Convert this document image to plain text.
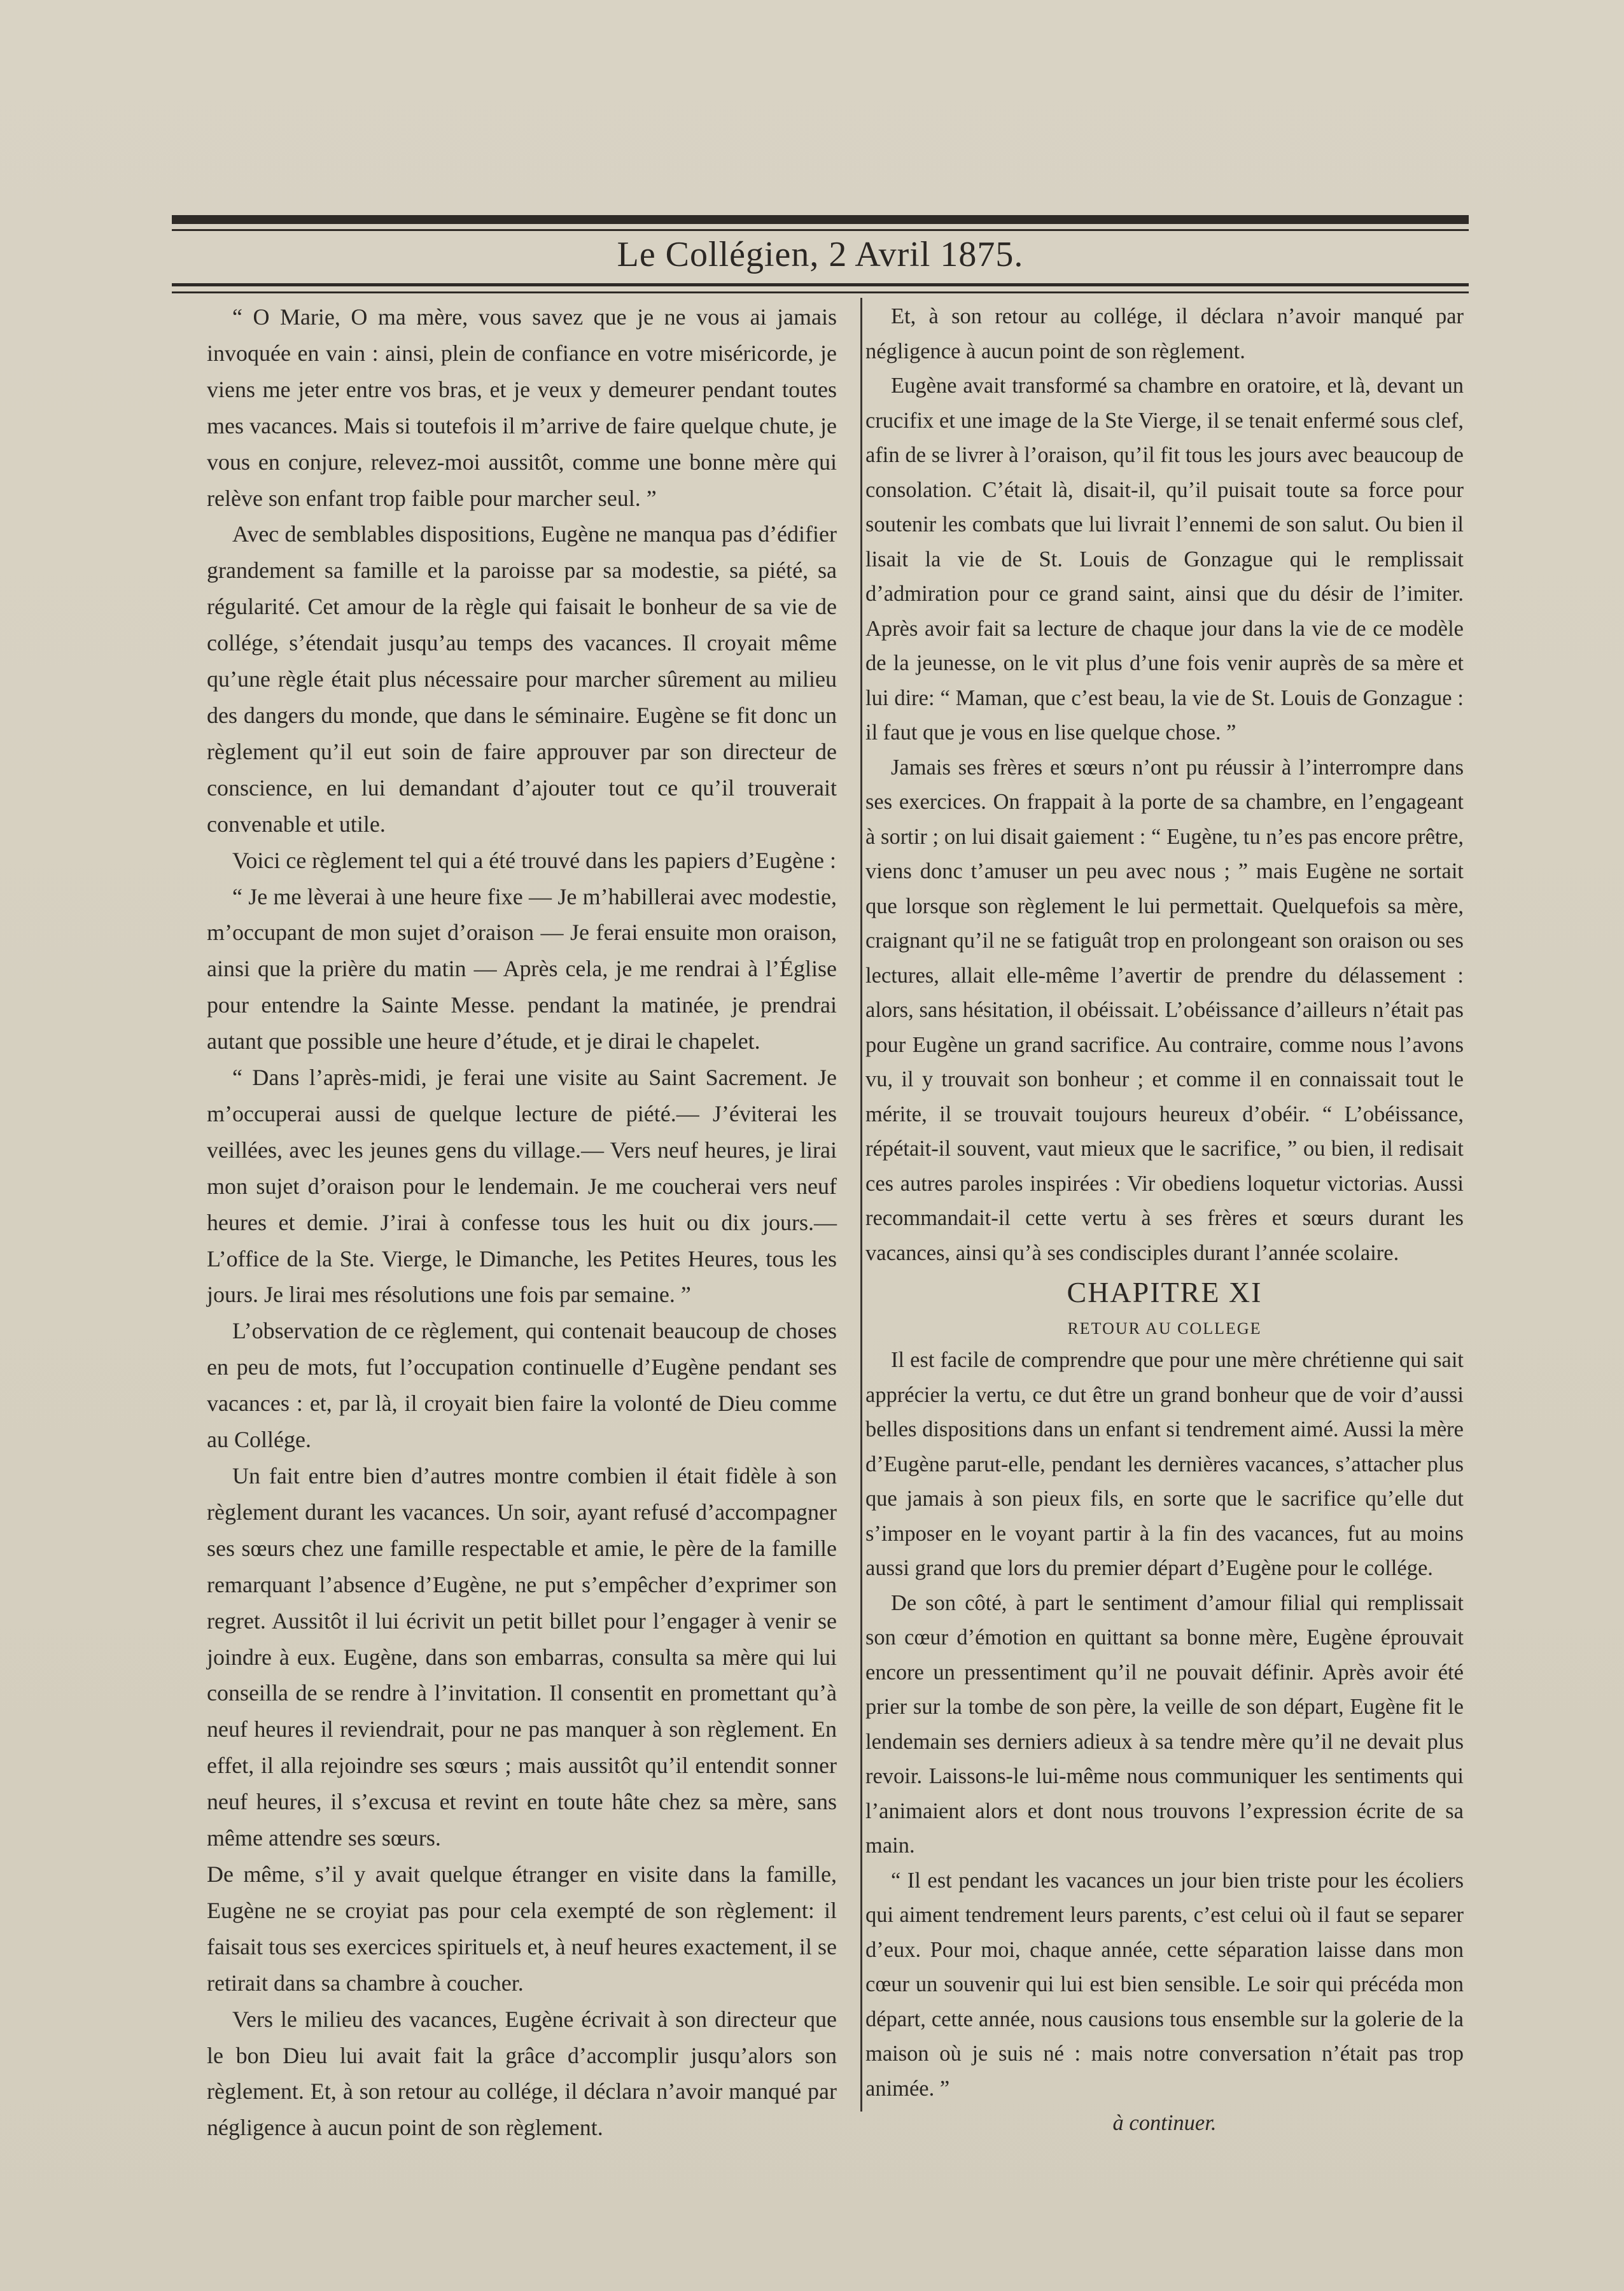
Le Collégien, 2 Avril 1875.

“ O Marie, O ma mère, vous savez que je ne vous ai jamais invoquée en vain : ainsi, plein de confiance en votre miséricorde, je viens me jeter entre vos bras, et je veux y demeurer pendant toutes mes vacances. Mais si toutefois il m’arrive de faire quelque chute, je vous en conjure, relevez-moi aussitôt, comme une bonne mère qui relève son enfant trop faible pour marcher seul. ”

Avec de semblables dispositions, Eugène ne manqua pas d’édifier grandement sa famille et la paroisse par sa modestie, sa piété, sa régularité. Cet amour de la règle qui faisait le bonheur de sa vie de collége, s’étendait jusqu’au temps des vacances. Il croyait même qu’une règle était plus nécessaire pour marcher sûrement au milieu des dangers du monde, que dans le séminaire. Eugène se fit donc un règlement qu’il eut soin de faire approuver par son directeur de conscience, en lui demandant d’ajouter tout ce qu’il trouverait convenable et utile.

Voici ce règlement tel qui a été trouvé dans les papiers d’Eugène :

“ Je me lèverai à une heure fixe — Je m’habillerai avec modestie, m’occupant de mon sujet d’oraison — Je ferai ensuite mon oraison, ainsi que la prière du matin — Après cela, je me rendrai à l’Église pour entendre la Sainte Messe. pendant la matinée, je prendrai autant que possible une heure d’étude, et je dirai le chapelet.

“ Dans l’après-midi, je ferai une visite au Saint Sacrement. Je m’occuperai aussi de quelque lecture de piété.— J’éviterai les veillées, avec les jeunes gens du village.— Vers neuf heures, je lirai mon sujet d’oraison pour le lendemain. Je me coucherai vers neuf heures et demie. J’irai à confesse tous les huit ou dix jours.—L’office de la Ste. Vierge, le Dimanche, les Petites Heures, tous les jours. Je lirai mes résolutions une fois par semaine. ”

L’observation de ce règlement, qui contenait beaucoup de choses en peu de mots, fut l’occupation continuelle d’Eugène pendant ses vacances : et, par là, il croyait bien faire la volonté de Dieu comme au Collége.

Un fait entre bien d’autres montre combien il était fidèle à son règlement durant les vacances. Un soir, ayant refusé d’accompagner ses sœurs chez une famille respectable et amie, le père de la famille remarquant l’absence d’Eugène, ne put s’empêcher d’exprimer son regret. Aussitôt il lui écrivit un petit billet pour l’engager à venir se joindre à eux. Eugène, dans son embarras, consulta sa mère qui lui conseilla de se rendre à l’invitation. Il consentit en promettant qu’à neuf heures il reviendrait, pour ne pas manquer à son règlement. En effet, il alla rejoindre ses sœurs ; mais aussitôt qu’il entendit sonner neuf heures, il s’excusa et revint en toute hâte chez sa mère, sans même attendre ses sœurs.

De même, s’il y avait quelque étranger en visite dans la famille, Eugène ne se croyiat pas pour cela exempté de son règlement: il faisait tous ses exercices spirituels et, à neuf heures exactement, il se retirait dans sa chambre à coucher.

Vers le milieu des vacances, Eugène écrivait à son directeur que le bon Dieu lui avait fait la grâce d’accomplir jusqu’alors son règlement. Et, à son retour au collége, il déclara n’avoir manqué par négligence à aucun point de son règlement.

Et, à son retour au collége, il déclara n’avoir manqué par négligence à aucun point de son règlement.

Eugène avait transformé sa chambre en oratoire, et là, devant un crucifix et une image de la Ste Vierge, il se tenait enfermé sous clef, afin de se livrer à l’oraison, qu’il fit tous les jours avec beaucoup de consolation. C’était là, disait-il, qu’il puisait toute sa force pour soutenir les combats que lui livrait l’ennemi de son salut. Ou bien il lisait la vie de St. Louis de Gonzague qui le remplissait d’admiration pour ce grand saint, ainsi que du désir de l’imiter. Après avoir fait sa lecture de chaque jour dans la vie de ce modèle de la jeunesse, on le vit plus d’une fois venir auprès de sa mère et lui dire: “ Maman, que c’est beau, la vie de St. Louis de Gonzague : il faut que je vous en lise quelque chose. ”

Jamais ses frères et sœurs n’ont pu réussir à l’interrompre dans ses exercices. On frappait à la porte de sa chambre, en l’engageant à sortir ; on lui disait gaiement : “ Eugène, tu n’es pas encore prêtre, viens donc t’amuser un peu avec nous ; ” mais Eugène ne sortait que lorsque son règlement le lui permettait. Quelquefois sa mère, craignant qu’il ne se fatiguât trop en prolongeant son oraison ou ses lectures, allait elle-même l’avertir de prendre du délassement : alors, sans hésitation, il obéissait. L’obéissance d’ailleurs n’était pas pour Eugène un grand sacrifice. Au contraire, comme nous l’avons vu, il y trouvait son bonheur ; et comme il en connaissait tout le mérite, il se trouvait toujours heureux d’obéir. “ L’obéissance, répétait-il souvent, vaut mieux que le sacrifice, ” ou bien, il redisait ces autres paroles inspirées : Vir obediens loquetur victorias. Aussi recommandait-il cette vertu à ses frères et sœurs durant les vacances, ainsi qu’à ses condisciples durant l’année scolaire.

CHAPITRE XI

RETOUR AU COLLEGE

Il est facile de comprendre que pour une mère chrétienne qui sait apprécier la vertu, ce dut être un grand bonheur que de voir d’aussi belles dispositions dans un enfant si tendrement aimé. Aussi la mère d’Eugène parut-elle, pendant les dernières vacances, s’attacher plus que jamais à son pieux fils, en sorte que le sacrifice qu’elle dut s’imposer en le voyant partir à la fin des vacances, fut au moins aussi grand que lors du premier départ d’Eugène pour le collége.

De son côté, à part le sentiment d’amour filial qui remplissait son cœur d’émotion en quittant sa bonne mère, Eugène éprouvait encore un pressentiment qu’il ne pouvait définir. Après avoir été prier sur la tombe de son père, la veille de son départ, Eugène fit le lendemain ses derniers adieux à sa tendre mère qu’il ne devait plus revoir. Laissons-le lui-même nous communiquer les sentiments qui l’animaient alors et dont nous trouvons l’expression écrite de sa main.

“ Il est pendant les vacances un jour bien triste pour les écoliers qui aiment tendrement leurs parents, c’est celui où il faut se separer d’eux. Pour moi, chaque année, cette séparation laisse dans mon cœur un souvenir qui lui est bien sensible. Le soir qui précéda mon départ, cette année, nous causions tous ensemble sur la golerie de la maison où je suis né : mais notre conversation n’était pas trop animée. ”

à continuer.
